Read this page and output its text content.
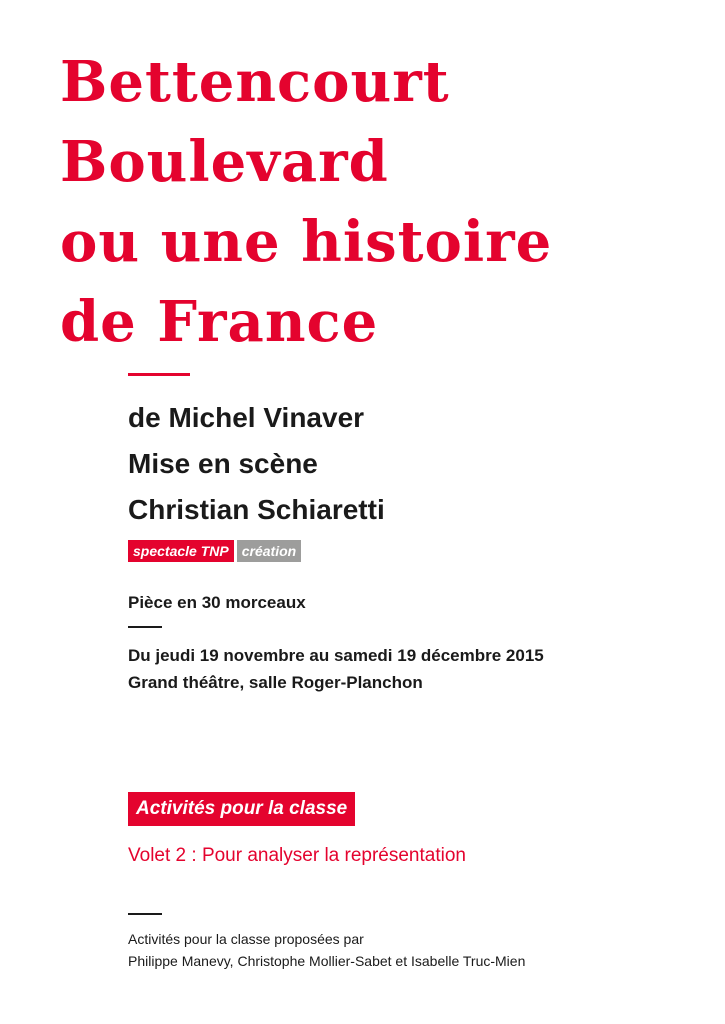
Bettencourt
Boulevard
ou une histoire
de France
de Michel Vinaver
Mise en scène
Christian Schiaretti
spectacle TNP création
Pièce en 30 morceaux
Du jeudi 19 novembre au samedi 19 décembre 2015
Grand théâtre, salle Roger-Planchon
Activités pour la classe
Volet 2 : Pour analyser la représentation
Activités pour la classe proposées par
Philippe Manevy, Christophe Mollier-Sabet et Isabelle Truc-Mien
